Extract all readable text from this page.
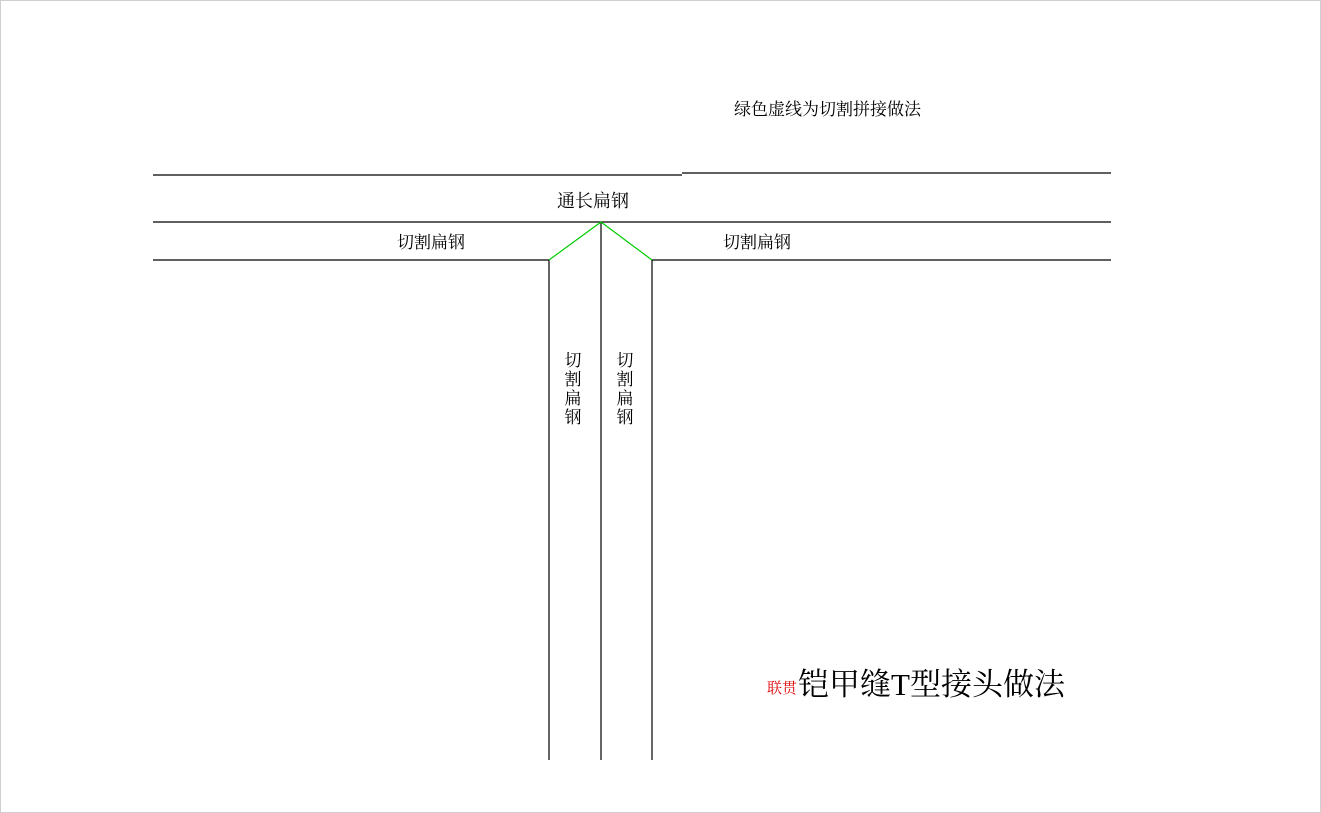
绿色虚线为切割拼接做法
通长扁钢
切割扁钢	切割扁钢
切割扁钢 切割扁钢
联贯 铠甲缝T型接头做法
